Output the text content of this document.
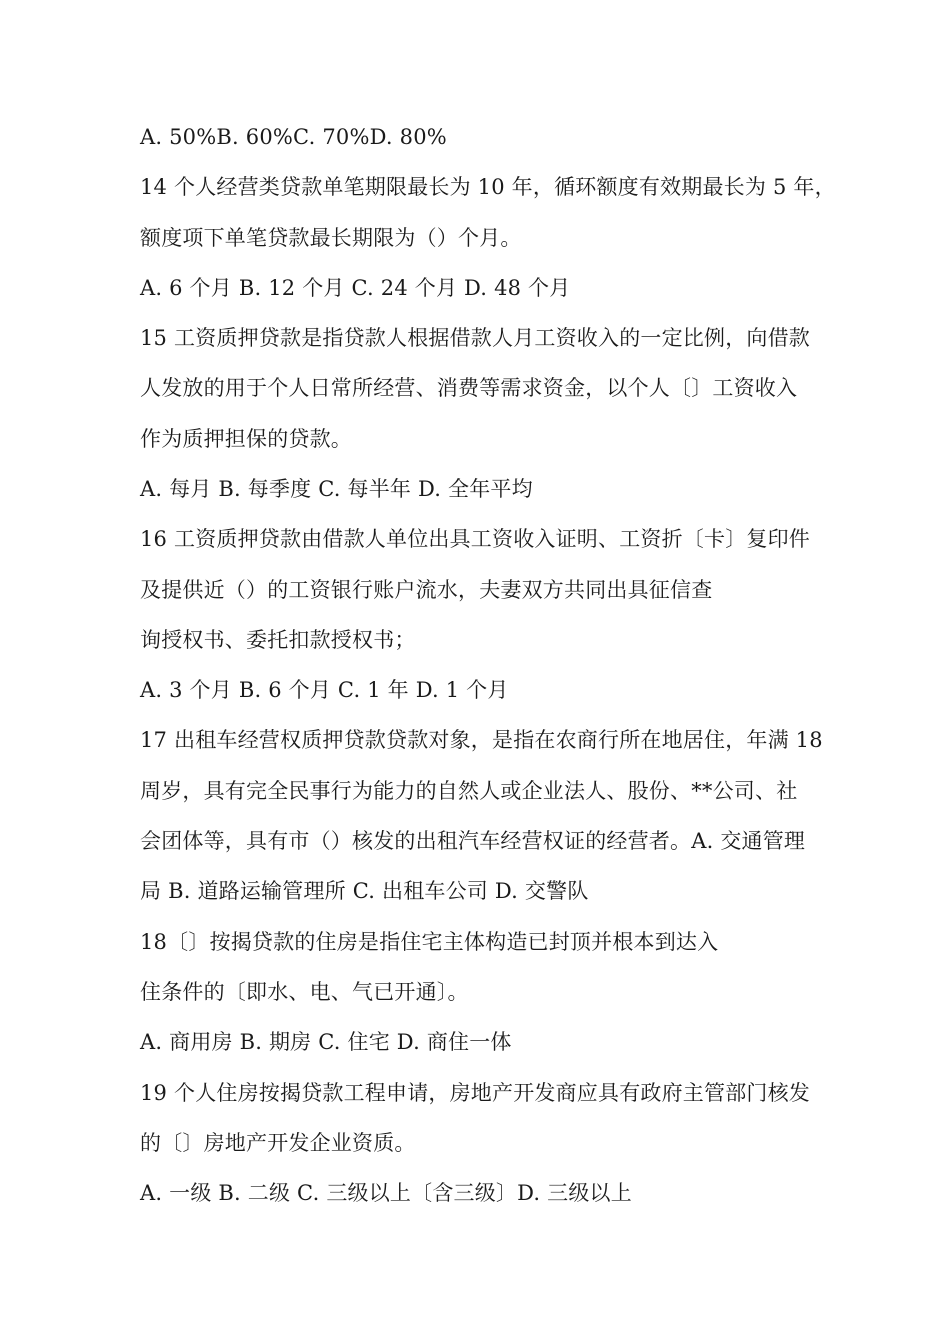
A. 50%B. 60%C. 70%D. 80%
14 个人经营类贷款单笔期限最长为 10 年，循环额度有效期最长为 5 年，
额度项下单笔贷款最长期限为（）个月。
A. 6 个月 B. 12 个月 C. 24 个月 D. 48 个月
15 工资质押贷款是指贷款人根据借款人月工资收入的一定比例，向借款
人发放的用于个人日常所经营、消费等需求资金，以个人〔〕工资收入
作为质押担保的贷款。
A. 每月 B. 每季度 C. 每半年 D. 全年平均
16 工资质押贷款由借款人单位出具工资收入证明、工资折〔卡〕复印件
及提供近（）的工资银行账户流水，夫妻双方共同出具征信查
询授权书、委托扣款授权书；
A. 3 个月 B. 6 个月 C. 1 年 D. 1 个月
17 出租车经营权质押贷款贷款对象，是指在农商行所在地居住，年满 18
周岁，具有完全民事行为能力的自然人或企业法人、股份、**公司、社
会团体等，具有市（）核发的出租汽车经营权证的经营者。A. 交通管理
局 B. 道路运输管理所 C. 出租车公司 D. 交警队
18〔〕按揭贷款的住房是指住宅主体构造已封顶并根本到达入
住条件的〔即水、电、气已开通〕。
A. 商用房 B. 期房 C. 住宅 D. 商住一体
19 个人住房按揭贷款工程申请，房地产开发商应具有政府主管部门核发
的〔〕房地产开发企业资质。
A. 一级 B. 二级 C. 三级以上〔含三级〕D. 三级以上
